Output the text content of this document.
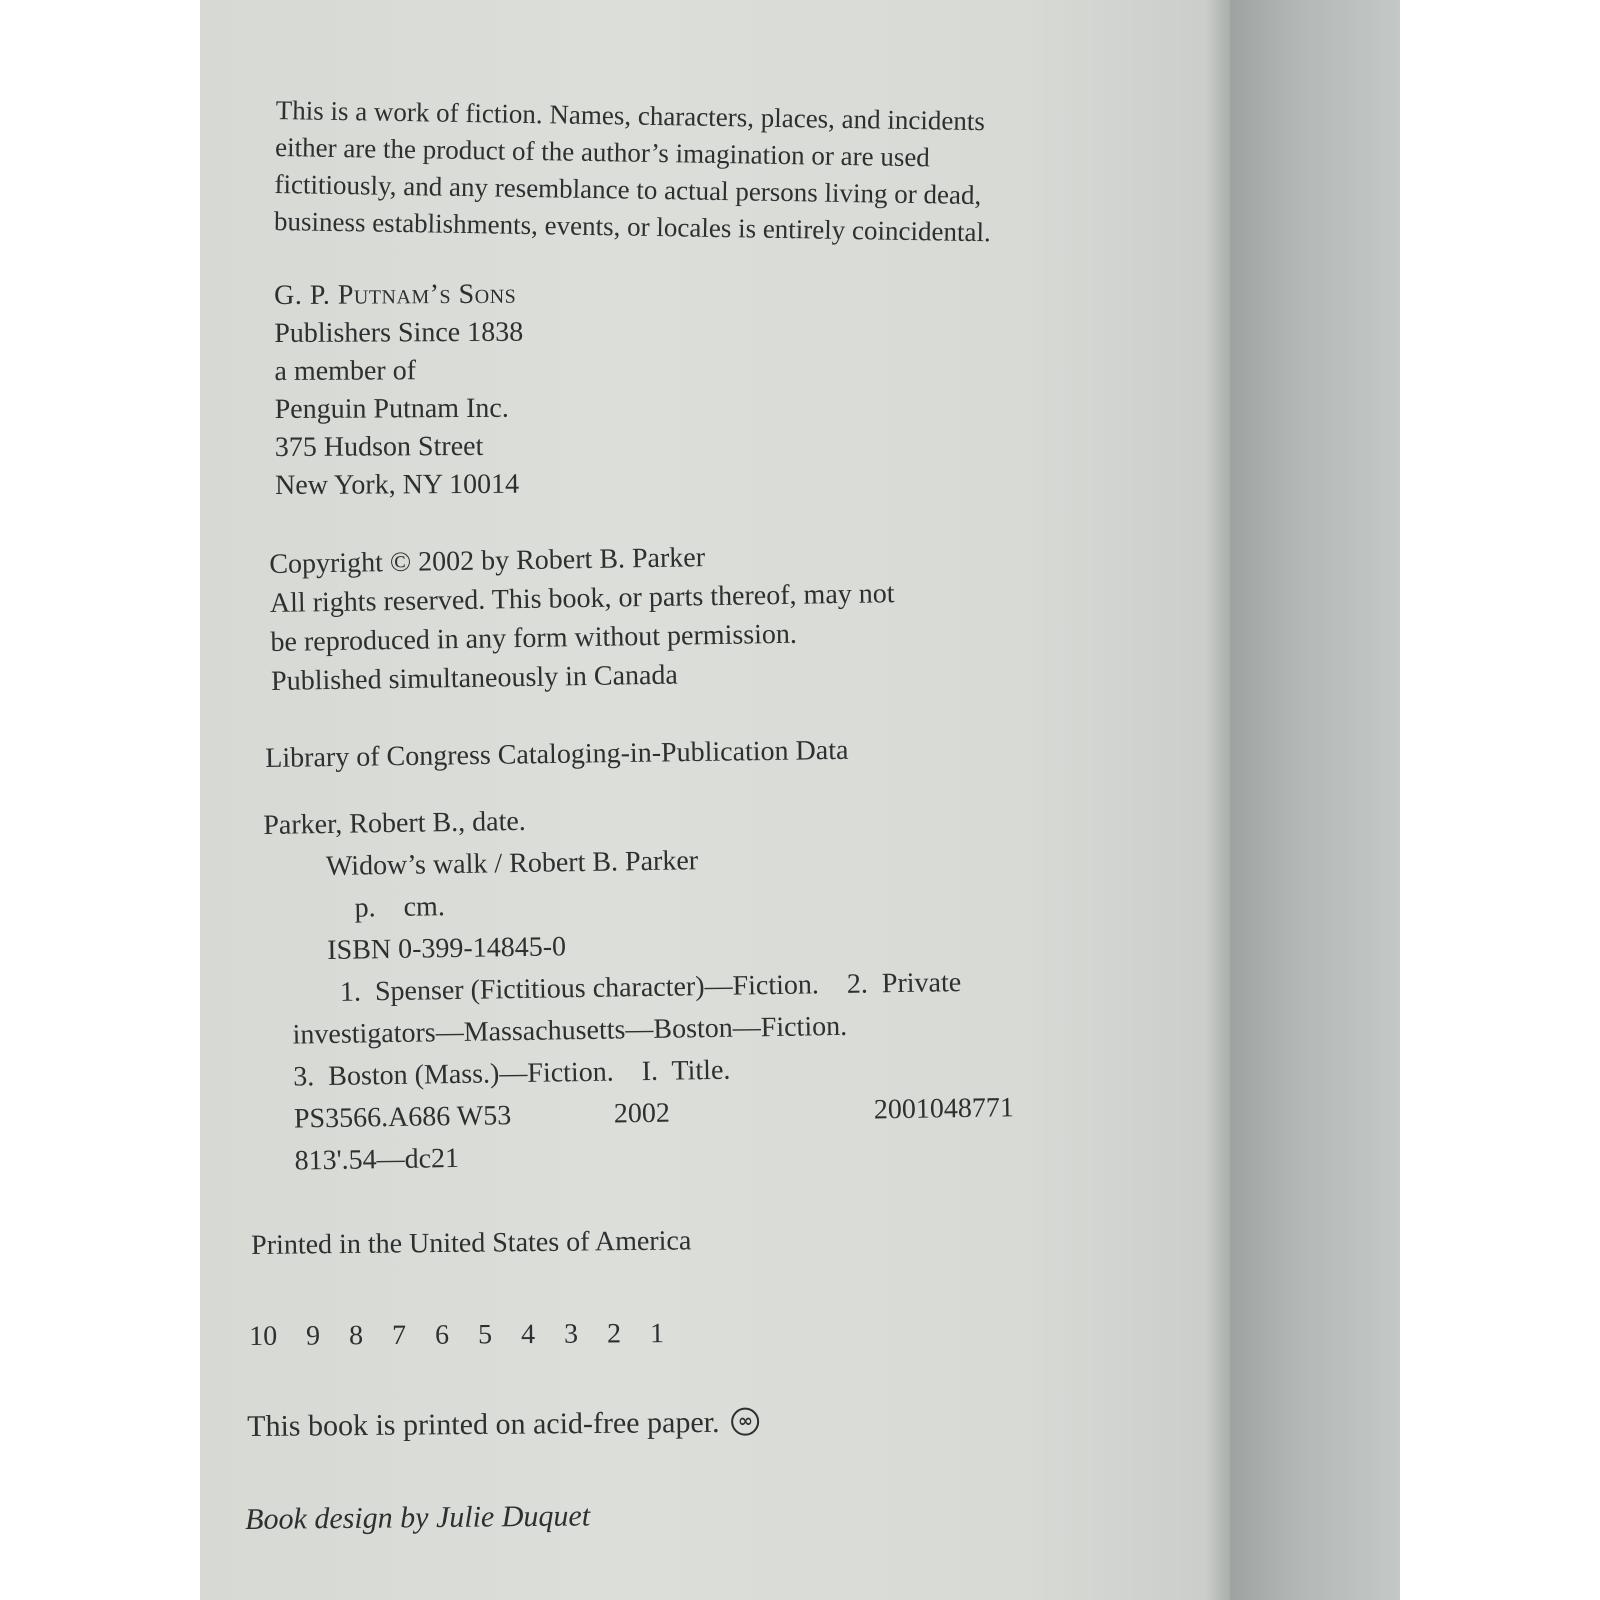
This is a work of fiction. Names, characters, places, and incidents
either are the product of the author’s imagination or are used
fictitiously, and any resemblance to actual persons living or dead,
business establishments, events, or locales is entirely coincidental.
G. P. Putnam’s Sons
Publishers Since 1838
a member of
Penguin Putnam Inc.
375 Hudson Street
New York, NY 10014
Copyright © 2002 by Robert B. Parker
All rights reserved. This book, or parts thereof, may not
be reproduced in any form without permission.
Published simultaneously in Canada
Library of Congress Cataloging-in-Publication Data
Parker, Robert B., date.
Widow’s walk / Robert B. Parker
p.    cm.
ISBN 0-399-14845-0
1.  Spenser (Fictitious character)—Fiction.    2.  Private
investigators—Massachusetts—Boston—Fiction.
3.  Boston (Mass.)—Fiction.    I.  Title.
PS3566.A686 W53	2002	2001048771
813'.54—dc21
Printed in the United States of America
10 9 8 7 6 5 4 3 2 1
This book is printed on acid-free paper. ∞
Book design by Julie Duquet
